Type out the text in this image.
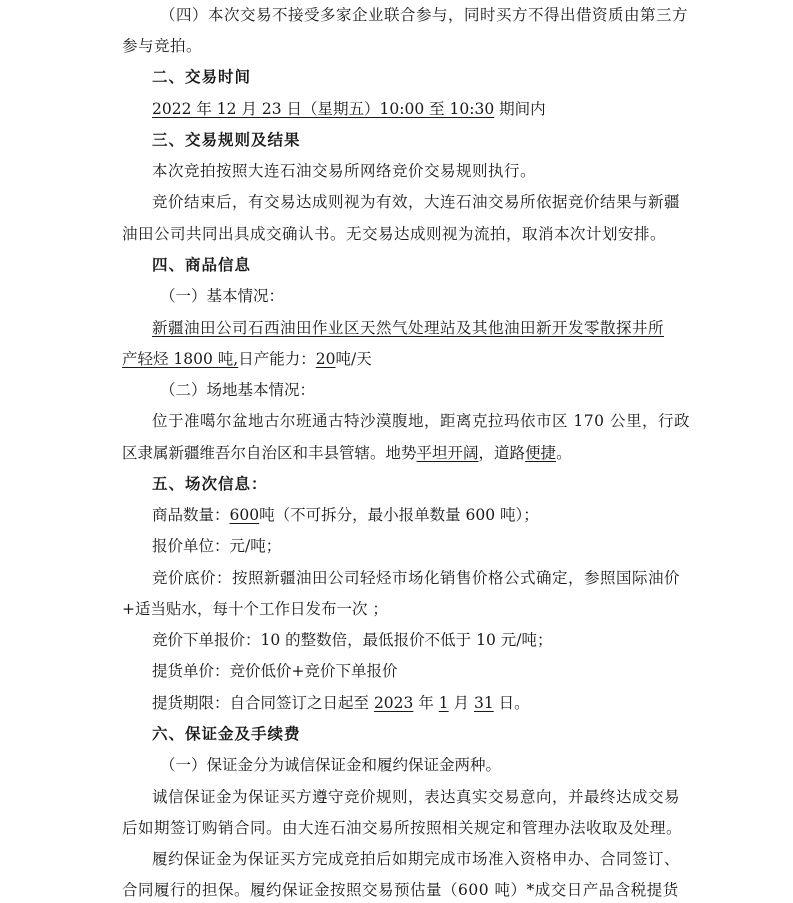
（四）本次交易不接受多家企业联合参与，同时买方不得出借资质由第三方
参与竞拍。
二、交易时间
2022 年 12 月 23 日（星期五）10:00 至 10:30 期间内
三、交易规则及结果
本次竞拍按照大连石油交易所网络竞价交易规则执行。
竞价结束后，有交易达成则视为有效，大连石油交易所依据竞价结果与新疆
油田公司共同出具成交确认书。无交易达成则视为流拍，取消本次计划安排。
四、商品信息
（一）基本情况：
新疆油田公司石西油田作业区天然气处理站及其他油田新开发零散探井所
产轻烃 1800 吨,日产能力：20吨/天
（二）场地基本情况：
位于准噶尔盆地古尔班通古特沙漠腹地，距离克拉玛依市区 170 公里，行政
区隶属新疆维吾尔自治区和丰县管辖。地势平坦开阔，道路便捷。
五、场次信息：
商品数量：600吨（不可拆分，最小报单数量 600 吨）；
报价单位：元/吨；
竞价底价：按照新疆油田公司轻烃市场化销售价格公式确定，参照国际油价
+适当贴水，每十个工作日发布一次 ；
竞价下单报价：10 的整数倍，最低报价不低于 10 元/吨；
提货单价：竞价低价+竞价下单报价
提货期限：自合同签订之日起至 2023 年 1 月 31 日。
六、保证金及手续费
（一）保证金分为诚信保证金和履约保证金两种。
诚信保证金为保证买方遵守竞价规则，表达真实交易意向，并最终达成交易
后如期签订购销合同。由大连石油交易所按照相关规定和管理办法收取及处理。
履约保证金为保证买方完成竞拍后如期完成市场准入资格申办、合同签订、
合同履行的担保。履约保证金按照交易预估量（600 吨）*成交日产品含税提货
